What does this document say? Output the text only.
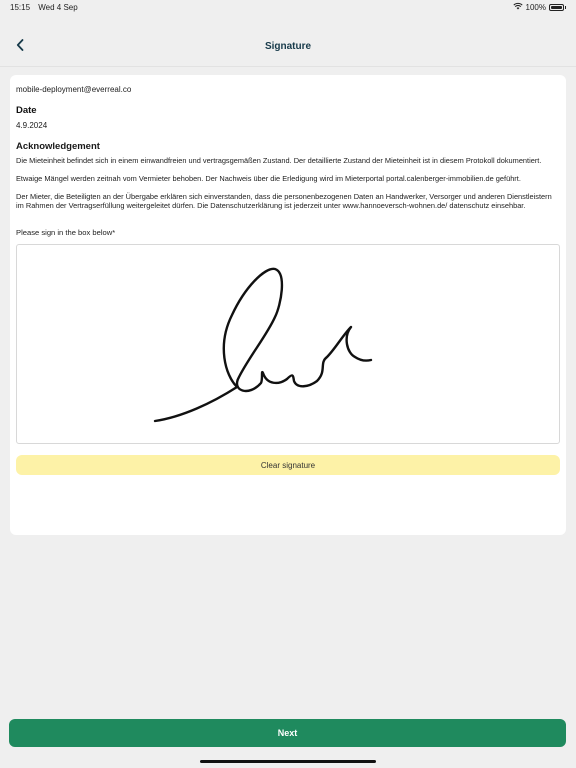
15:15 Wed 4 Sep	100%
Signature
mobile-deployment@everreal.co
Date
4.9.2024
Acknowledgement

Die Mieteinheit befindet sich in einem einwandfreien und vertragsgemäßen Zustand. Der detaillierte Zustand der Mieteinheit ist in diesem Protokoll dokumentiert.

Etwaige Mängel werden zeitnah vom Vermieter behoben. Der Nachweis über die Erledigung wird im Mieterportal portal.calenberger-immobilien.de geführt.

Der Mieter, die Beteiligten an der Übergabe erklären sich einverstanden, dass die personenbezogenen Daten an Handwerker, Versorger und anderen Dienstleistern im Rahmen der Vertragserfüllung weitergeleitet dürfen. Die Datenschutzerklärung ist jederzeit unter www.hannoeversch-wohnen.de/ datenschutz einsehbar.

Please sign in the box below*
Clear signature
Next
